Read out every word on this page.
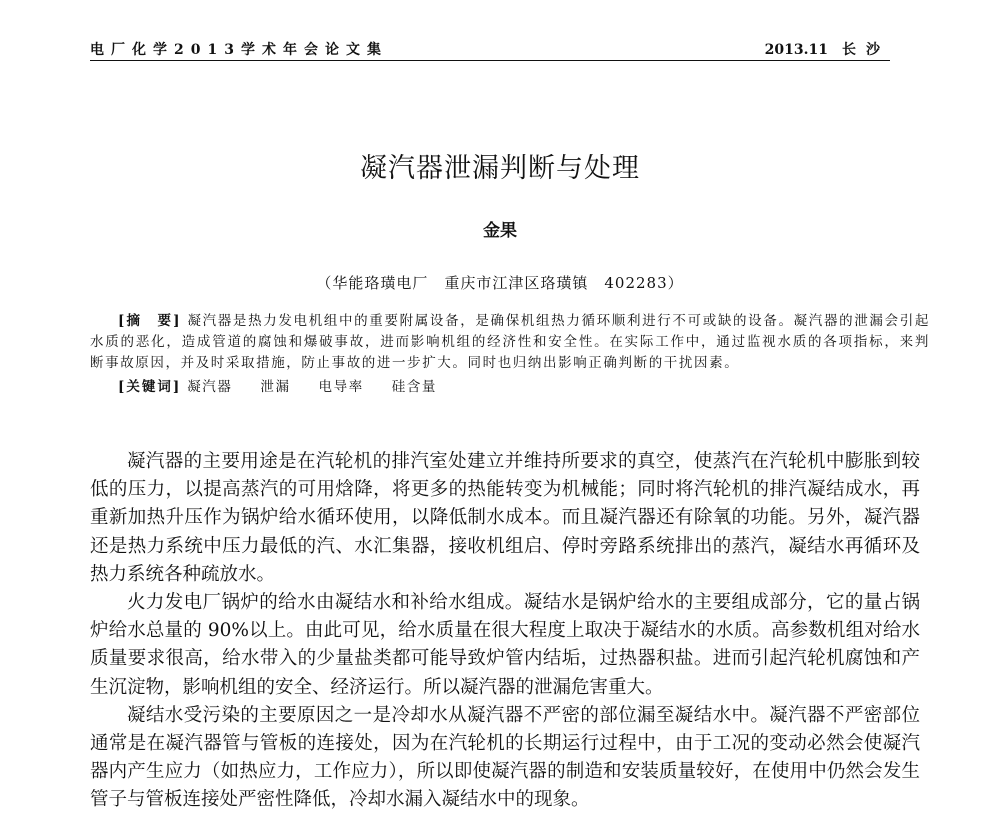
电厂化学2013学术年会论文集	2013.11 长沙
凝汽器泄漏判断与处理
金果
（华能珞璜电厂　重庆市江津区珞璜镇　402283）

[摘　要] 凝汽器是热力发电机组中的重要附属设备，是确保机组热力循环顺利进行不可或缺的设备。凝汽器的泄漏会引起水质的恶化，造成管道的腐蚀和爆破事故，进而影响机组的经济性和安全性。在实际工作中，通过监视水质的各项指标，来判断事故原因，并及时采取措施，防止事故的进一步扩大。同时也归纳出影响正确判断的干扰因素。

[关键词] 凝汽器 泄漏 电导率 硅含量

凝汽器的主要用途是在汽轮机的排汽室处建立并维持所要求的真空，使蒸汽在汽轮机中膨胀到较低的压力，以提高蒸汽的可用焓降，将更多的热能转变为机械能；同时将汽轮机的排汽凝结成水，再重新加热升压作为锅炉给水循环使用，以降低制水成本。而且凝汽器还有除氧的功能。另外，凝汽器还是热力系统中压力最低的汽、水汇集器，接收机组启、停时旁路系统排出的蒸汽，凝结水再循环及热力系统各种疏放水。

火力发电厂锅炉的给水由凝结水和补给水组成。凝结水是锅炉给水的主要组成部分，它的量占锅炉给水总量的 90%以上。由此可见，给水质量在很大程度上取决于凝结水的水质。高参数机组对给水质量要求很高，给水带入的少量盐类都可能导致炉管内结垢，过热器积盐。进而引起汽轮机腐蚀和产生沉淀物，影响机组的安全、经济运行。所以凝汽器的泄漏危害重大。

凝结水受污染的主要原因之一是冷却水从凝汽器不严密的部位漏至凝结水中。凝汽器不严密部位通常是在凝汽器管与管板的连接处，因为在汽轮机的长期运行过程中，由于工况的变动必然会使凝汽器内产生应力（如热应力，工作应力），所以即使凝汽器的制造和安装质量较好，在使用中仍然会发生管子与管板连接处严密性降低，冷却水漏入凝结水中的现象。
